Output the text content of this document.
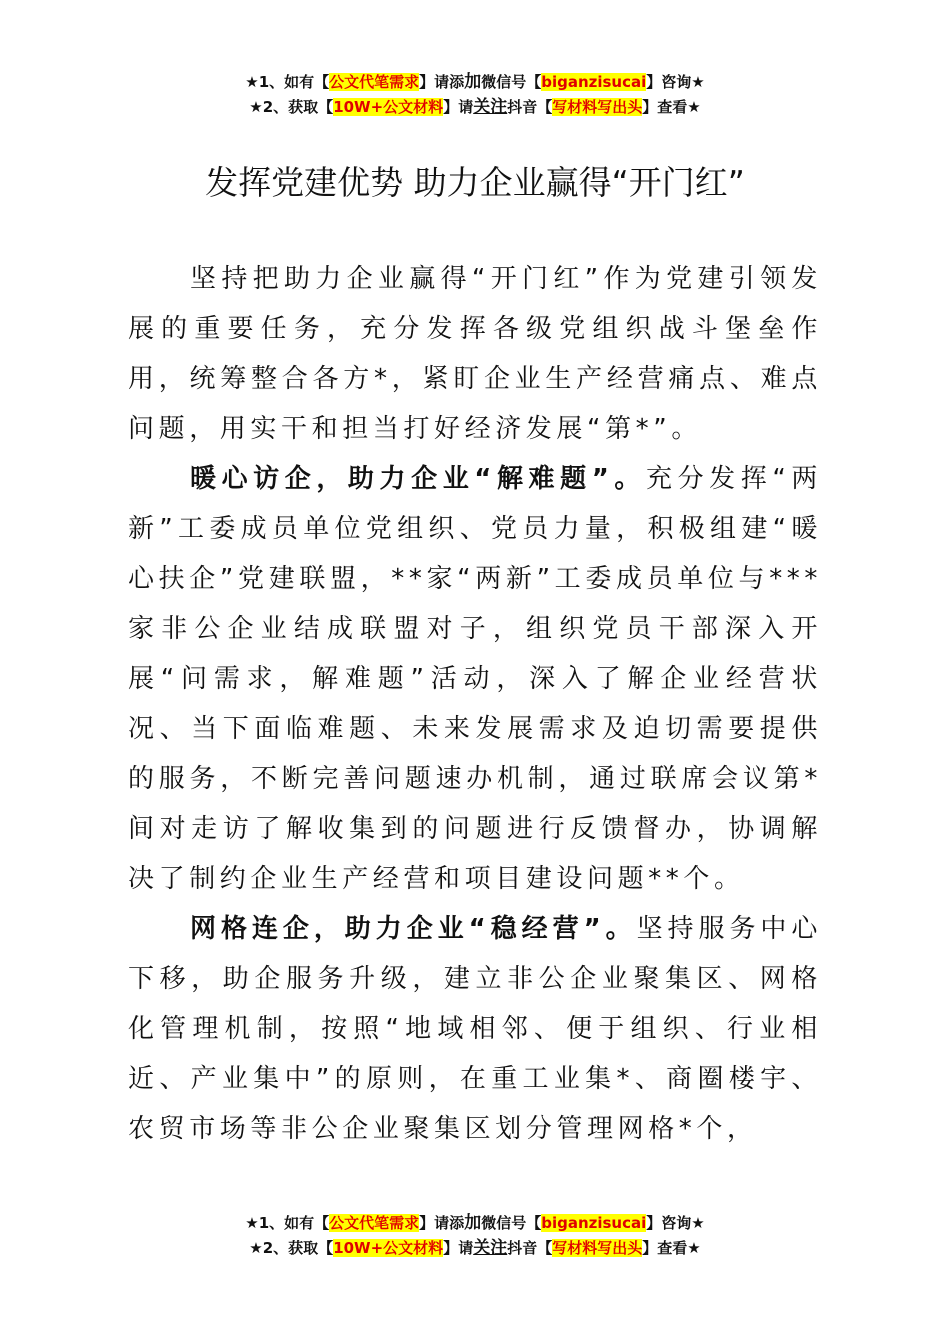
★1、如有【公文代笔需求】请添加微信号【biganzisucai】咨询★
★2、获取【10W+公文材料】请关注抖音【写材料写出头】查看★
发挥党建优势 助力企业赢得“开门红”

坚持把助力企业赢得“开门红”作为党建引领发展的重要任务，充分发挥各级党组织战斗堡垒作用，统筹整合各方*，紧盯企业生产经营痛点、难点问题，用实干和担当打好经济发展“第*”。

暖心访企，助力企业“解难题”。充分发挥“两新”工委成员单位党组织、党员力量，积极组建“暖心扶企”党建联盟，**家“两新”工委成员单位与***家非公企业结成联盟对子，组织党员干部深入开展“问需求，解难题”活动，深入了解企业经营状况、当下面临难题、未来发展需求及迫切需要提供的服务，不断完善问题速办机制，通过联席会议第*间对走访了解收集到的问题进行反馈督办，协调解决了制约企业生产经营和项目建设问题**个。

网格连企，助力企业“稳经营”。坚持服务中心下移，助企服务升级，建立非公企业聚集区、网格化管理机制，按照“地域相邻、便于组织、行业相近、产业集中”的原则，在重工业集*、商圈楼宇、农贸市场等非公企业聚集区划分管理网格*个，

★1、如有【公文代笔需求】请添加微信号【biganzisucai】咨询★
★2、获取【10W+公文材料】请关注抖音【写材料写出头】查看★
